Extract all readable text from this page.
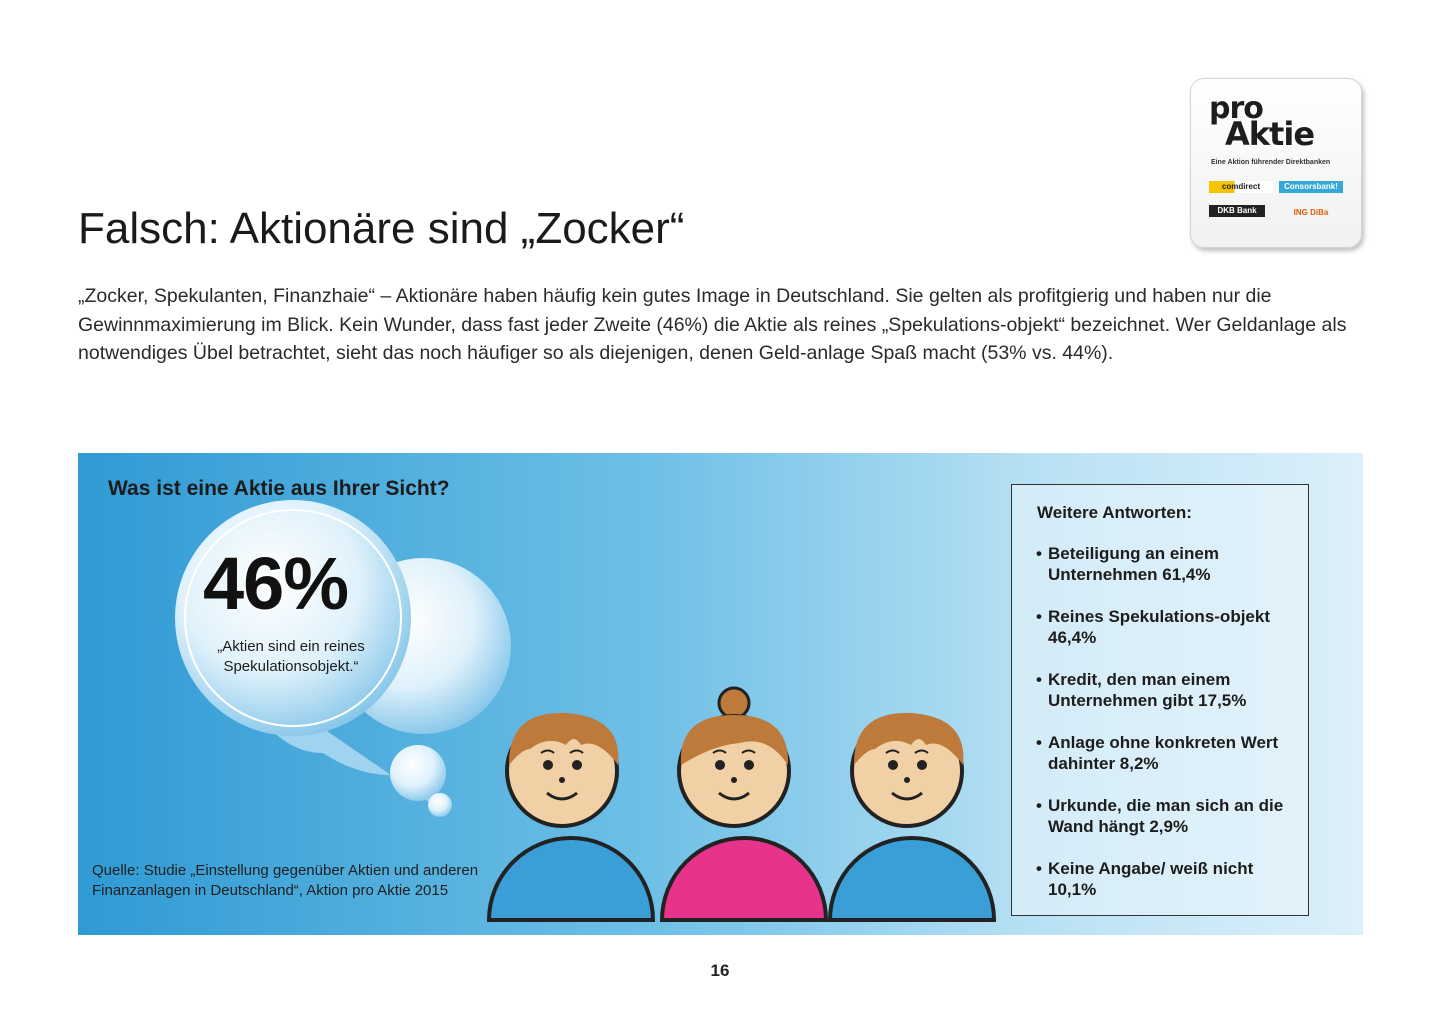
pro
Aktie
Eine Aktion führender Direktbanken
comdirect	Consorsbank!
DKB Bank	ING DiBa
Falsch: Aktionäre sind „Zocker“

„Zocker, Spekulanten, Finanzhaie“ – Aktionäre haben häufig kein gutes Image in Deutschland. Sie gelten als profitgierig und haben nur die Gewinnmaximierung im Blick. Kein Wunder, dass fast jeder Zweite (46%) die Aktie als reines „Spekulations-objekt“ bezeichnet. Wer Geldanlage als notwendiges Übel betrachtet, sieht das noch häufiger so als diejenigen, denen Geld-anlage Spaß macht (53% vs. 44%).

Was ist eine Aktie aus Ihrer Sicht?
46%
„Aktien sind ein reines Spekulationsobjekt.“
Quelle: Studie „Einstellung gegenüber Aktien und anderen Finanzanlagen in Deutschland“, Aktion pro Aktie 2015
Weitere Antworten:
• Beteiligung an einem Unternehmen 61,4%
• Reines Spekulations-objekt 46,4%
• Kredit, den man einem Unternehmen gibt 17,5%
• Anlage ohne konkreten Wert dahinter 8,2%
• Urkunde, die man sich an die Wand hängt 2,9%
• Keine Angabe/ weiß nicht 10,1%
16
